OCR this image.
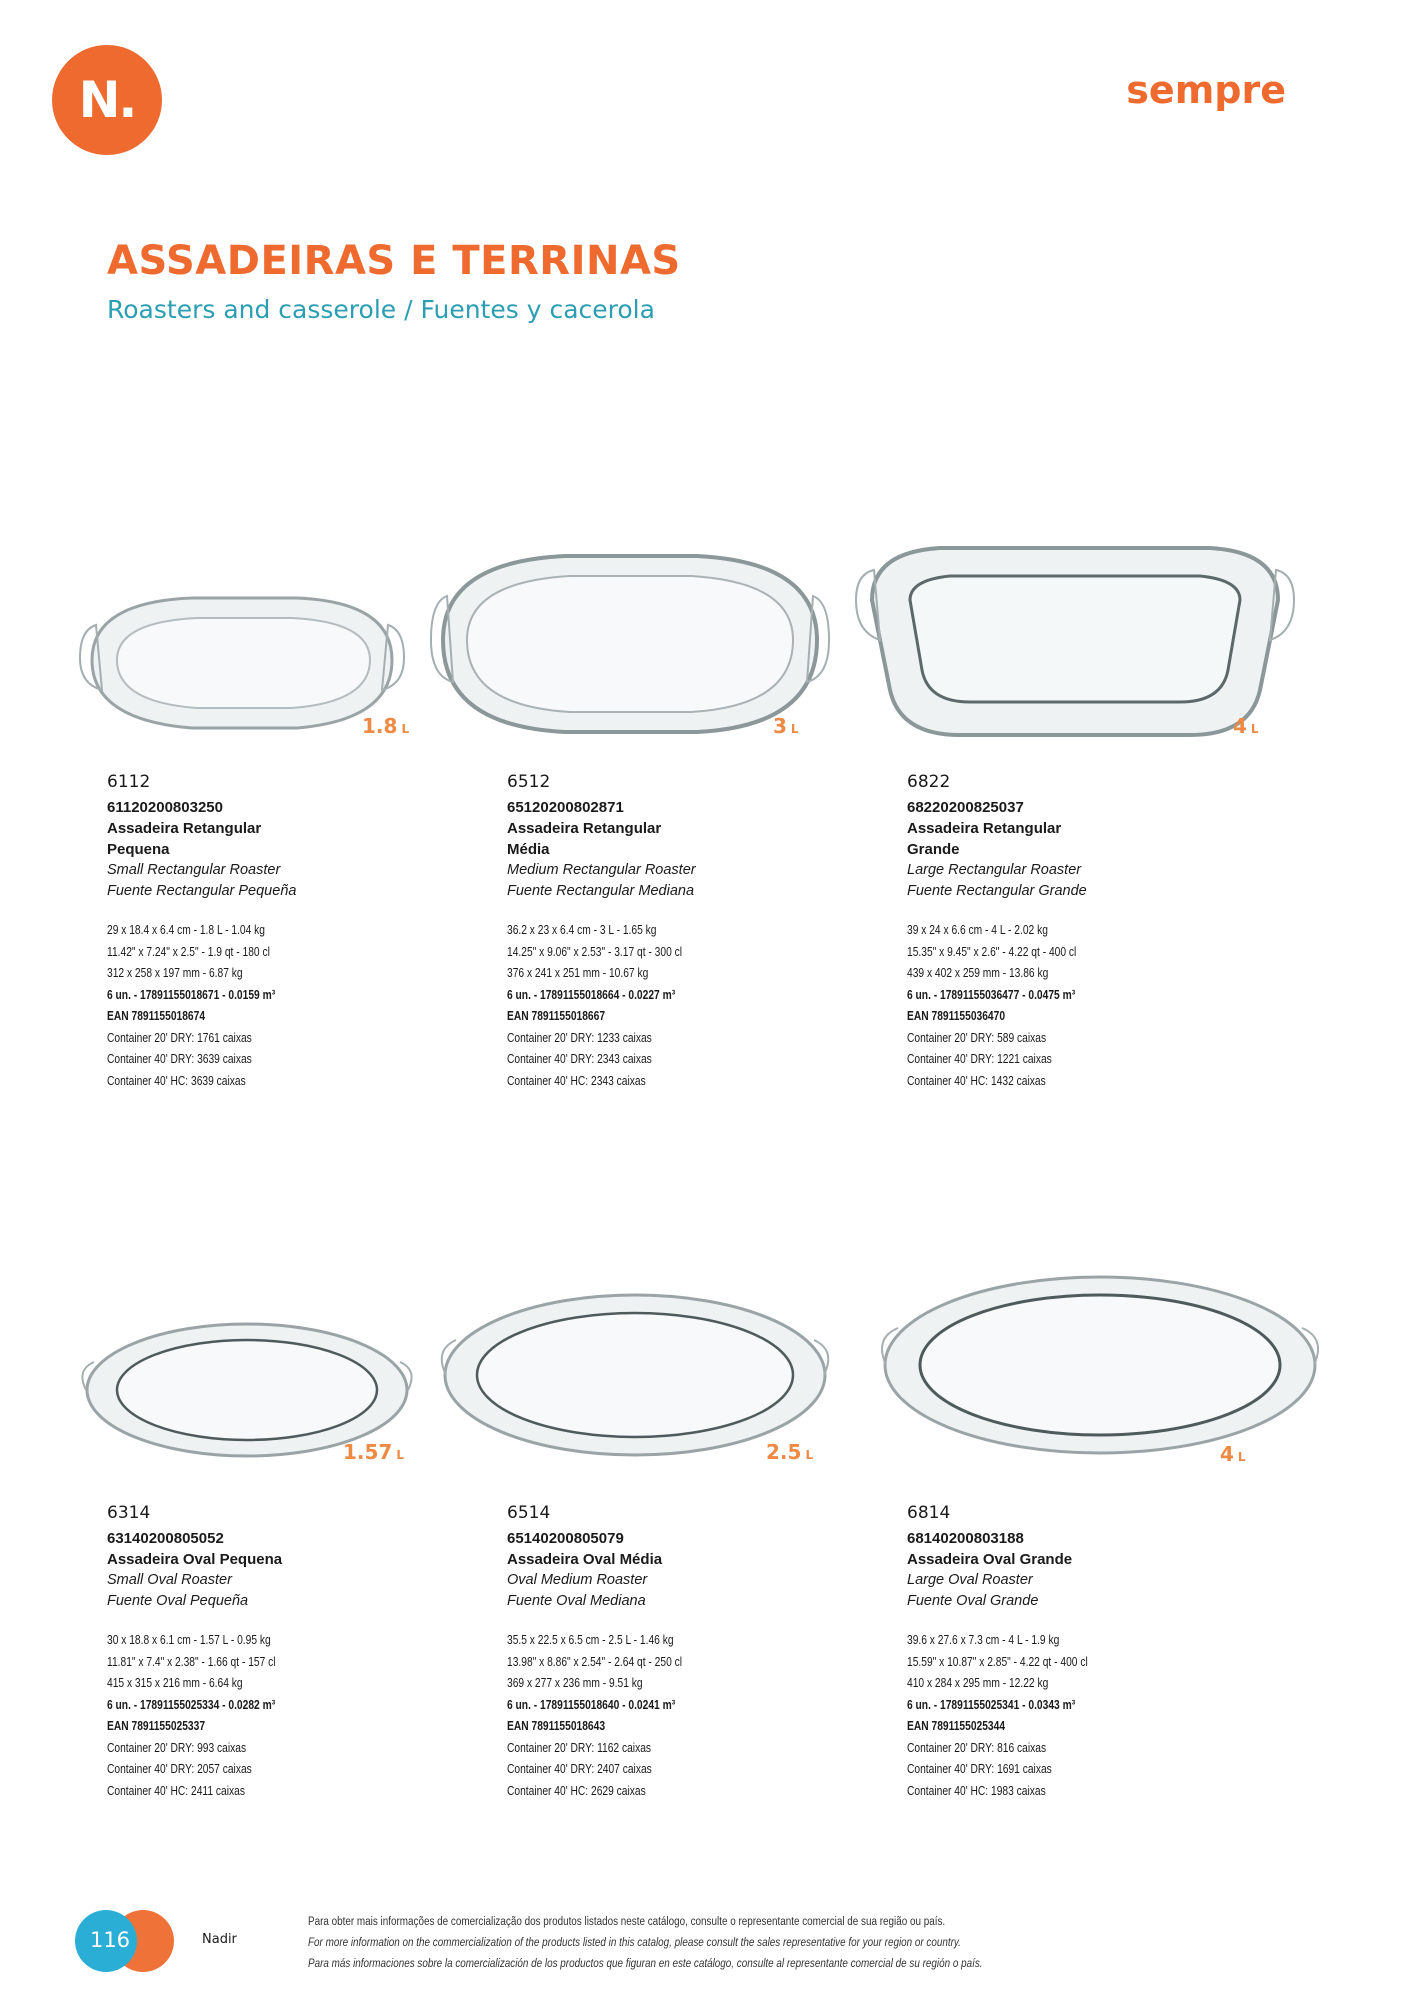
N.	sempre
ASSADEIRAS E TERRINAS
Roasters and casserole / Fuentes y cacerola
1.8 L	3 L	4 L
1.57 L	2.5 L	4 L
6112
61120200803250
Assadeira Retangular
Pequena
Small Rectangular Roaster
Fuente Rectangular Pequeña
29 x 18.4 x 6.4 cm - 1.8 L - 1.04 kg
11.42" x 7.24" x 2.5" - 1.9 qt - 180 cl
312 x 258 x 197 mm - 6.87 kg
6 un. - 17891155018671 - 0.0159 m³
EAN 7891155018674
Container 20' DRY: 1761 caixas
Container 40' DRY: 3639 caixas
Container 40' HC: 3639 caixas
6512
65120200802871
Assadeira Retangular
Média
Medium Rectangular Roaster
Fuente Rectangular Mediana
36.2 x 23 x 6.4 cm - 3 L - 1.65 kg
14.25" x 9.06" x 2.53" - 3.17 qt - 300 cl
376 x 241 x 251 mm - 10.67 kg
6 un. - 17891155018664 - 0.0227 m³
EAN 7891155018667
Container 20' DRY: 1233 caixas
Container 40' DRY: 2343 caixas
Container 40' HC: 2343 caixas
6822
68220200825037
Assadeira Retangular
Grande
Large Rectangular Roaster
Fuente Rectangular Grande
39 x 24 x 6.6 cm - 4 L - 2.02 kg
15.35" x 9.45" x 2.6" - 4.22 qt - 400 cl
439 x 402 x 259 mm - 13.86 kg
6 un. - 17891155036477 - 0.0475 m³
EAN 7891155036470
Container 20' DRY: 589 caixas
Container 40' DRY: 1221 caixas
Container 40' HC: 1432 caixas
6314
63140200805052
Assadeira Oval Pequena
Small Oval Roaster
Fuente Oval Pequeña
30 x 18.8 x 6.1 cm - 1.57 L - 0.95 kg
11.81" x 7.4" x 2.38" - 1.66 qt - 157 cl
415 x 315 x 216 mm - 6.64 kg
6 un. - 17891155025334 - 0.0282 m³
EAN 7891155025337
Container 20' DRY: 993 caixas
Container 40' DRY: 2057 caixas
Container 40' HC: 2411 caixas
6514
65140200805079
Assadeira Oval Média
Oval Medium Roaster
Fuente Oval Mediana
35.5 x 22.5 x 6.5 cm - 2.5 L - 1.46 kg
13.98" x 8.86" x 2.54" - 2.64 qt - 250 cl
369 x 277 x 236 mm - 9.51 kg
6 un. - 17891155018640 - 0.0241 m³
EAN 7891155018643
Container 20' DRY: 1162 caixas
Container 40' DRY: 2407 caixas
Container 40' HC: 2629 caixas
6814
68140200803188
Assadeira Oval Grande
Large Oval Roaster
Fuente Oval Grande
39.6 x 27.6 x 7.3 cm - 4 L - 1.9 kg
15.59" x 10.87" x 2.85" - 4.22 qt - 400 cl
410 x 284 x 295 mm - 12.22 kg
6 un. - 17891155025341 - 0.0343 m³
EAN 7891155025344
Container 20' DRY: 816 caixas
Container 40' DRY: 1691 caixas
Container 40' HC: 1983 caixas
116	Nadir
Para obter mais informações de comercialização dos produtos listados neste catálogo, consulte o representante comercial de sua região ou país.
For more information on the commercialization of the products listed in this catalog, please consult the sales representative for your region or country.
Para más informaciones sobre la comercialización de los productos que figuran en este catálogo, consulte al representante comercial de su región o país.
